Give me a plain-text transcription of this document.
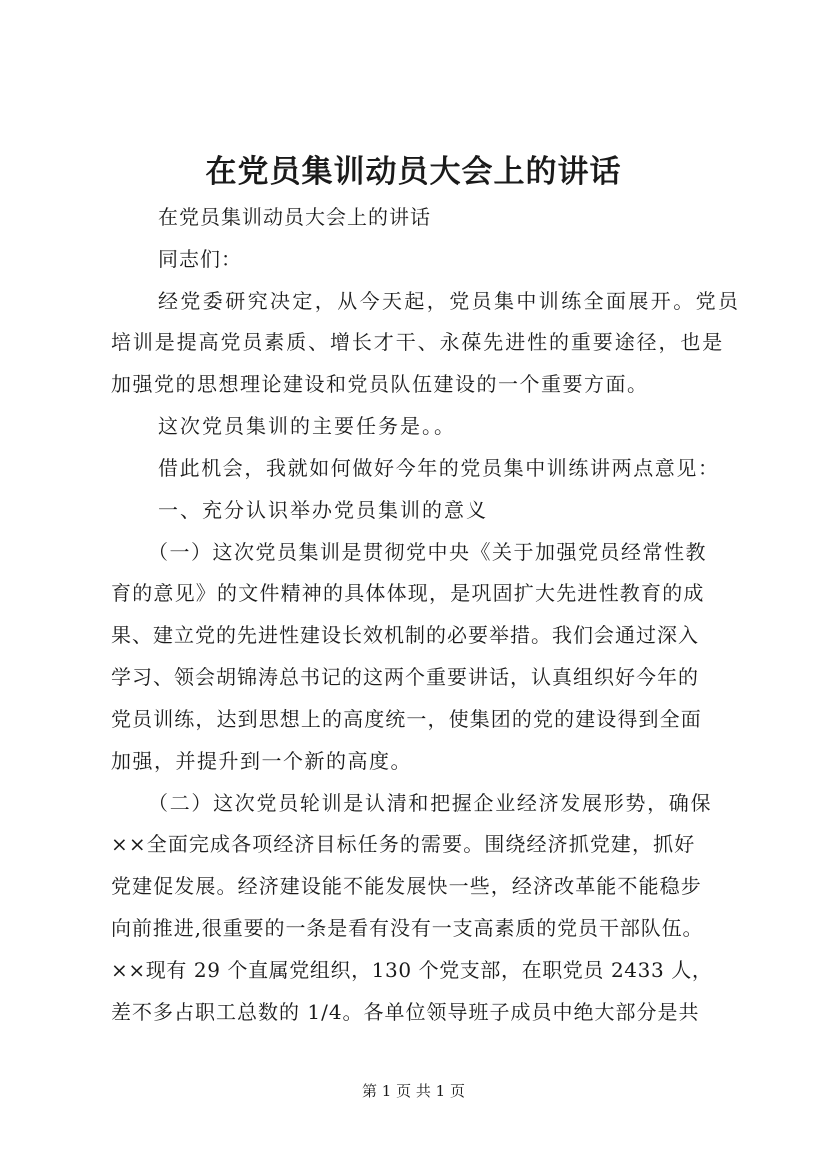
在党员集训动员大会上的讲话
在党员集训动员大会上的讲话
同志们：
经党委研究决定，从今天起，党员集中训练全面展开。党员
培训是提高党员素质、增长才干、永葆先进性的重要途径，也是
加强党的思想理论建设和党员队伍建设的一个重要方面。
这次党员集训的主要任务是。。
借此机会，我就如何做好今年的党员集中训练讲两点意见：
一、充分认识举办党员集训的意义
（一）这次党员集训是贯彻党中央《关于加强党员经常性教
育的意见》的文件精神的具体体现，是巩固扩大先进性教育的成
果、建立党的先进性建设长效机制的必要举措。我们会通过深入
学习、领会胡锦涛总书记的这两个重要讲话，认真组织好今年的
党员训练，达到思想上的高度统一，使集团的党的建设得到全面
加强，并提升到一个新的高度。
（二）这次党员轮训是认清和把握企业经济发展形势，确保
××全面完成各项经济目标任务的需要。围绕经济抓党建，抓好
党建促发展。经济建设能不能发展快一些，经济改革能不能稳步
向前推进,很重要的一条是看有没有一支高素质的党员干部队伍。
××现有 29 个直属党组织，130 个党支部，在职党员 2433 人，
差不多占职工总数的 1/4。各单位领导班子成员中绝大部分是共
第 1 页 共 1 页
